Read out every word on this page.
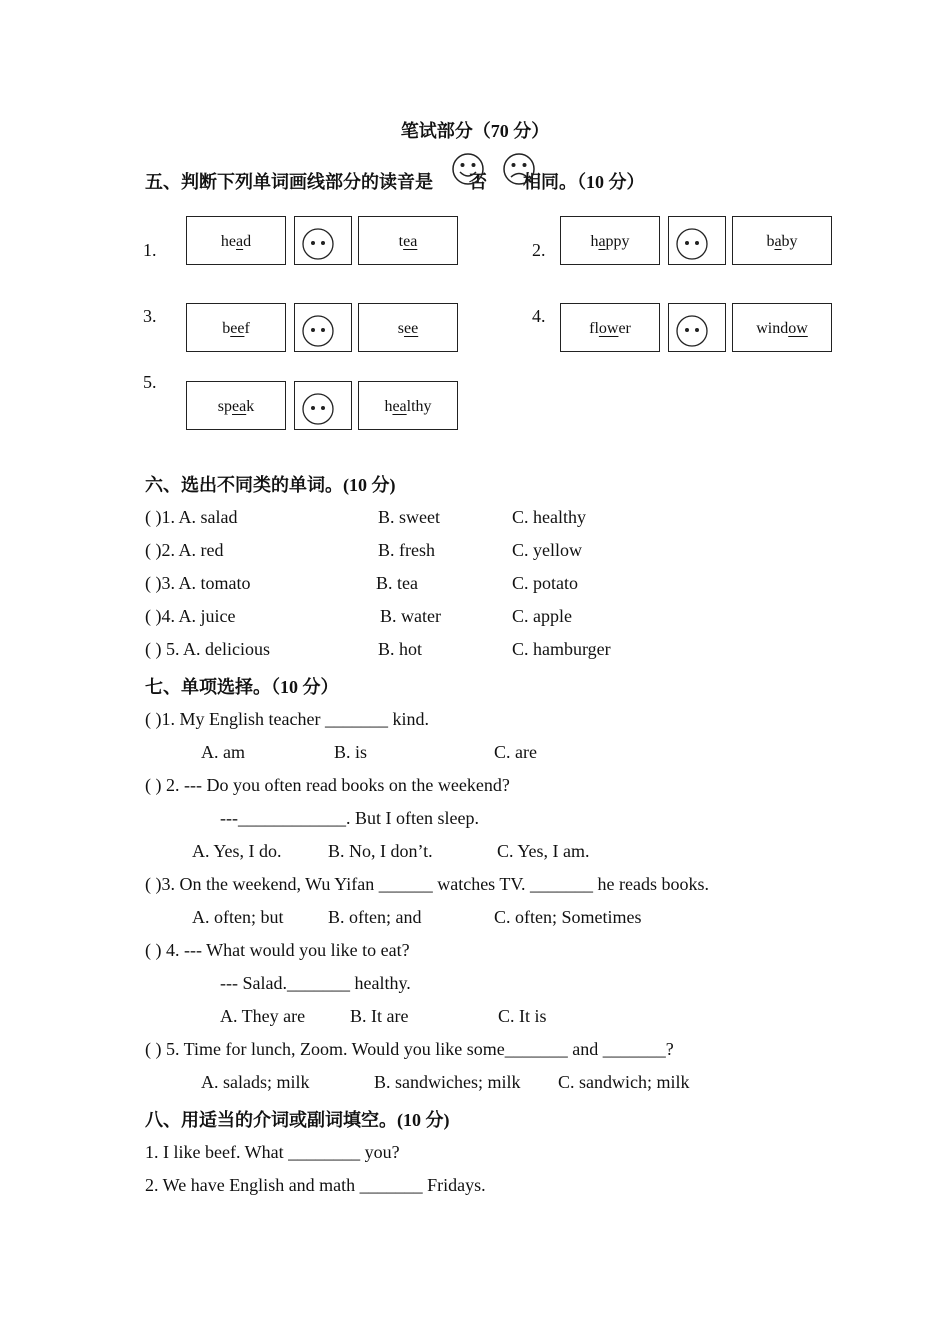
笔试部分（70 分）
五、判断下列单词画线部分的读音是 否 相同。（10 分）
1.	head	tea	2.	happy	baby
3.
beef	see
4.
flower	window
5.
speak	healthy
六、选出不同类的单词。(10 分)
( )1. A. salad	B. sweet	C. healthy
( )2. A. red	B. fresh	C. yellow
( )3. A. tomato	B. tea	C. potato
( )4. A. juice	B. water	C. apple
( ) 5. A. delicious	B. hot	C. hamburger
七、单项选择。（10 分）
( )1. My English teacher _______ kind.
A. am	B. is	C. are
( ) 2. --- Do you often read books on the weekend?
---____________. But I often sleep.
A. Yes, I do.	B. No, I don’t.	C. Yes, I am.
( )3. On the weekend, Wu Yifan ______ watches TV. _______ he reads books.
A. often; but B. often; and	C. often; Sometimes
( ) 4. --- What would you like to eat?
--- Salad._______ healthy.
A. They are B. It are	C. It is
( ) 5. Time for lunch, Zoom. Would you like some_______ and _______?
A. salads; milk	B. sandwiches; milk C. sandwich; milk
八、用适当的介词或副词填空。(10 分)
1. I like beef. What ________ you?
2. We have English and math _______ Fridays.
